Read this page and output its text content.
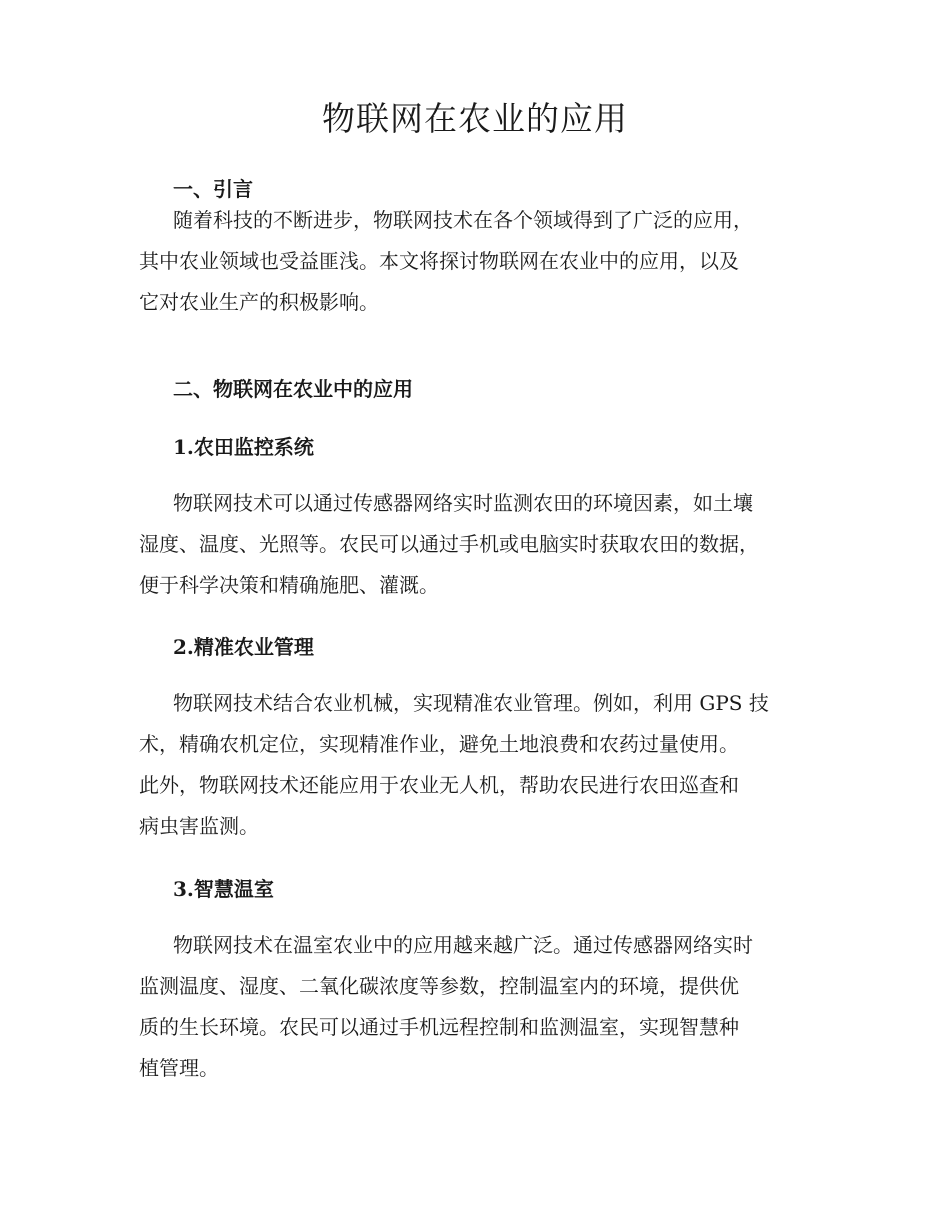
物联网在农业的应用
一、引言

随着科技的不断进步，物联网技术在各个领域得到了广泛的应用，
其中农业领域也受益匪浅。本文将探讨物联网在农业中的应用，以及
它对农业生产的积极影响。

二、物联网在农业中的应用
1.农田监控系统

物联网技术可以通过传感器网络实时监测农田的环境因素，如土壤
湿度、温度、光照等。农民可以通过手机或电脑实时获取农田的数据，
便于科学决策和精确施肥、灌溉。

2.精准农业管理

物联网技术结合农业机械，实现精准农业管理。例如，利用 GPS 技
术，精确农机定位，实现精准作业，避免土地浪费和农药过量使用。
此外，物联网技术还能应用于农业无人机，帮助农民进行农田巡查和
病虫害监测。

3.智慧温室

物联网技术在温室农业中的应用越来越广泛。通过传感器网络实时
监测温度、湿度、二氧化碳浓度等参数，控制温室内的环境，提供优
质的生长环境。农民可以通过手机远程控制和监测温室，实现智慧种
植管理。
